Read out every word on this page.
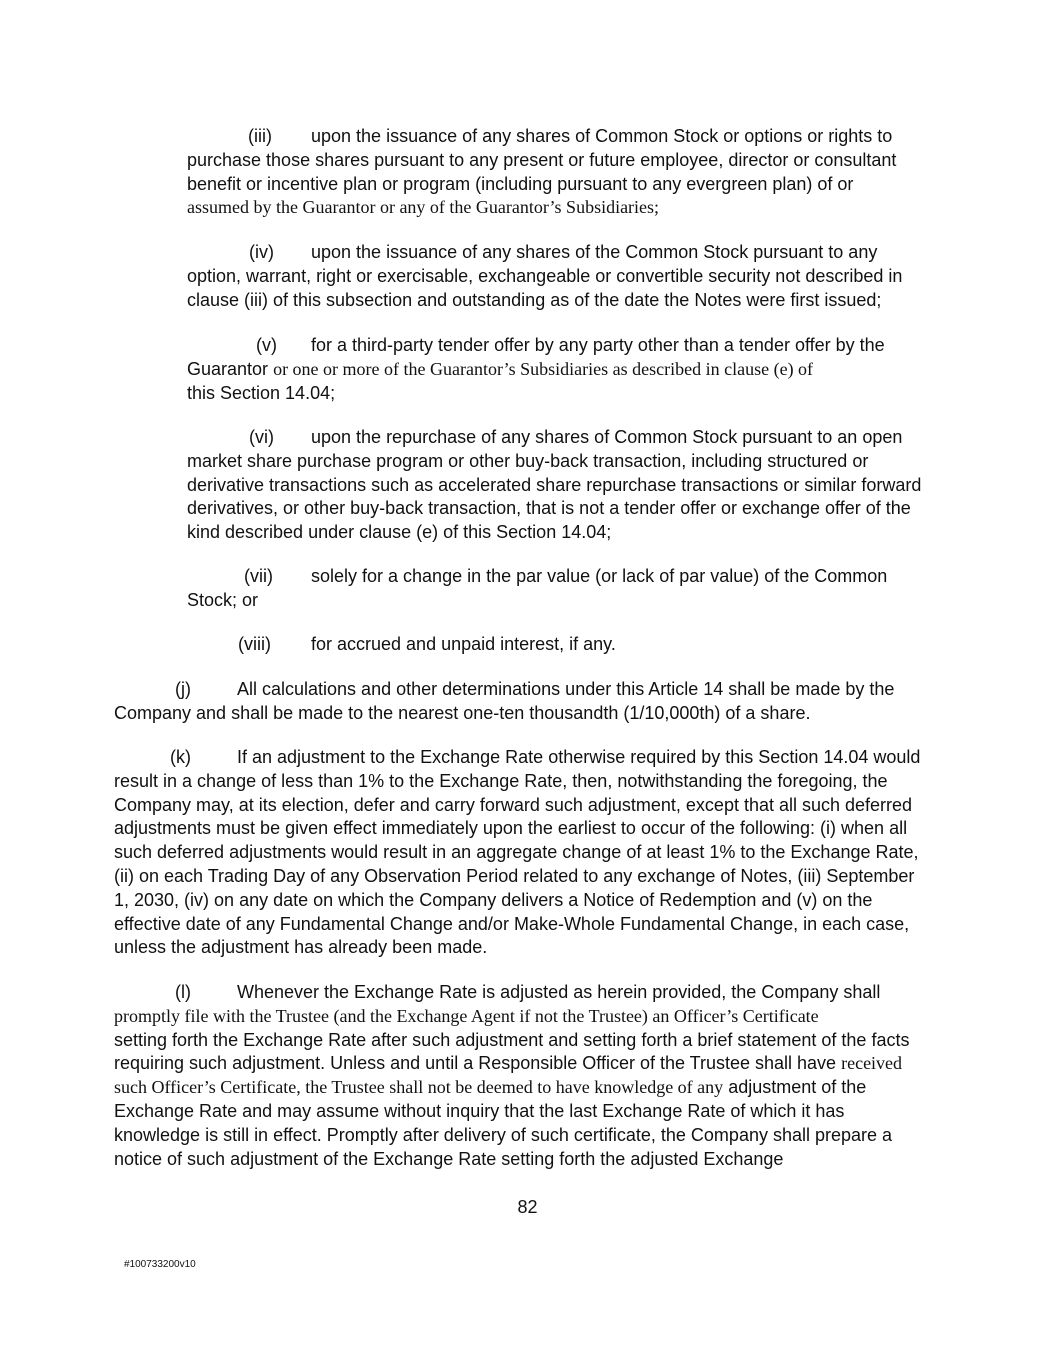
(iii) upon the issuance of any shares of Common Stock or options or rights to purchase those shares pursuant to any present or future employee, director or consultant benefit or incentive plan or program (including pursuant to any evergreen plan) of or
assumed by the Guarantor or any of the Guarantor’s Subsidiaries;

(iv) upon the issuance of any shares of the Common Stock pursuant to any option, warrant, right or exercisable, exchangeable or convertible security not described in clause (iii) of this subsection and outstanding as of the date the Notes were first issued;

(v) for a third-party tender offer by any party other than a tender offer by the Guarantor or one or more of the Guarantor’s Subsidiaries as described in clause (e) of
this Section 14.04;

(vi) upon the repurchase of any shares of Common Stock pursuant to an open market share purchase program or other buy-back transaction, including structured or derivative transactions such as accelerated share repurchase transactions or similar forward derivatives, or other buy-back transaction, that is not a tender offer or exchange offer of the kind described under clause (e) of this Section 14.04;

(vii) solely for a change in the par value (or lack of par value) of the Common Stock; or

(viii) for accrued and unpaid interest, if any.

(j)	All calculations and other determinations under this Article 14 shall be made by the Company and shall be made to the nearest one-ten thousandth (1/10,000th) of a share.

(k)	If an adjustment to the Exchange Rate otherwise required by this Section 14.04 would result in a change of less than 1% to the Exchange Rate, then, notwithstanding the foregoing, the Company may, at its election, defer and carry forward such adjustment, except that all such deferred adjustments must be given effect immediately upon the earliest to occur of the following: (i) when all such deferred adjustments would result in an aggregate change of at least 1% to the Exchange Rate, (ii) on each Trading Day of any Observation Period related to any exchange of Notes, (iii) September 1, 2030, (iv) on any date on which the Company delivers a Notice of Redemption and (v) on the effective date of any Fundamental Change and/or Make-Whole Fundamental Change, in each case, unless the adjustment has already been made.

(l)	Whenever the Exchange Rate is adjusted as herein provided, the Company shall
promptly file with the Trustee (and the Exchange Agent if not the Trustee) an Officer’s Certificate
setting forth the Exchange Rate after such adjustment and setting forth a brief statement of the facts requiring such adjustment. Unless and until a Responsible Officer of the Trustee shall have received such Officer’s Certificate, the Trustee shall not be deemed to have knowledge of any adjustment of the Exchange Rate and may assume without inquiry that the last Exchange Rate of which it has knowledge is still in effect. Promptly after delivery of such certificate, the Company shall prepare a notice of such adjustment of the Exchange Rate setting forth the adjusted Exchange

82
#100733200v10
